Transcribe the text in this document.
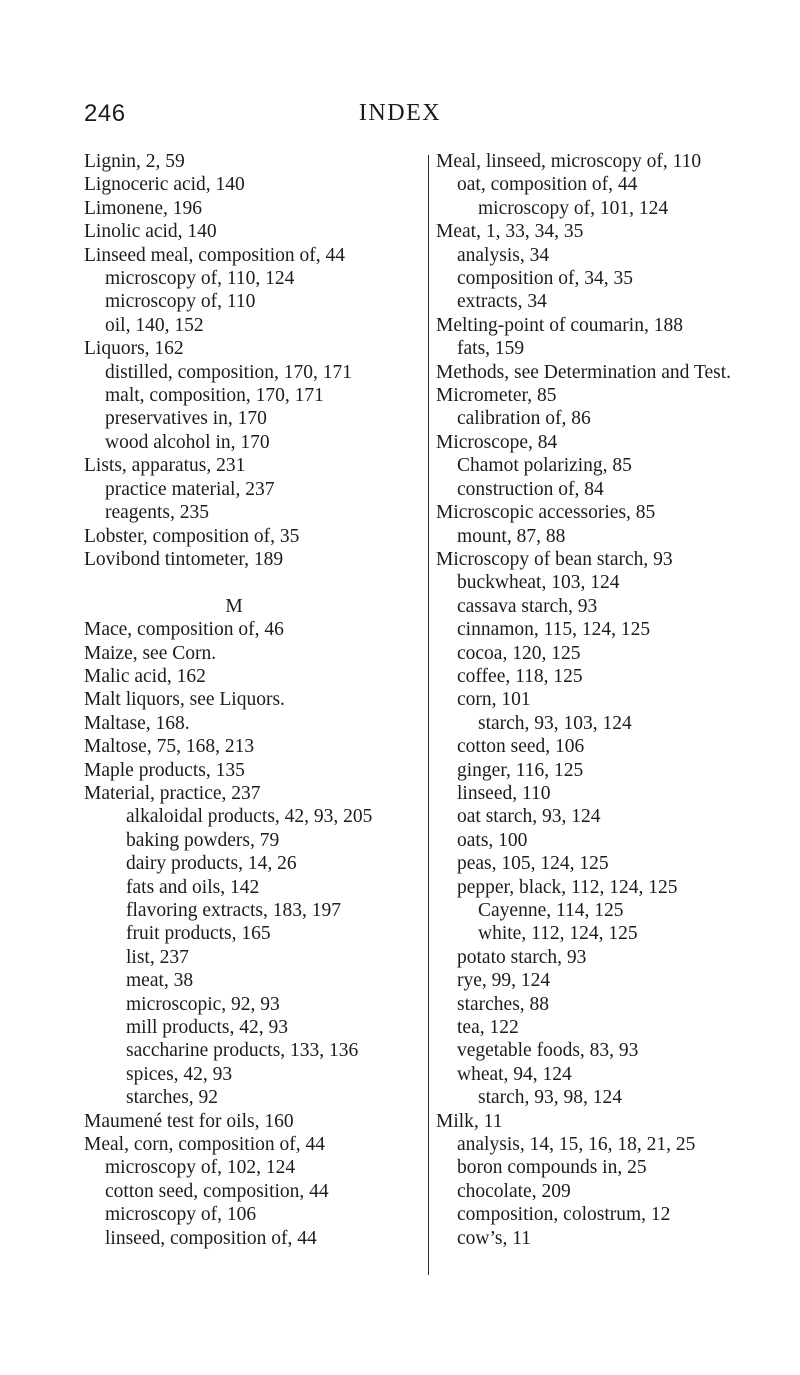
246	INDEX
Lignin, 2, 59
Lignoceric acid, 140
Limonene, 196
Linolic acid, 140
Linseed meal, composition of, 44
microscopy of, 110, 124
microscopy of, 110
oil, 140, 152
Liquors, 162
distilled, composition, 170, 171
malt, composition, 170, 171
preservatives in, 170
wood alcohol in, 170
Lists, apparatus, 231
practice material, 237
reagents, 235
Lobster, composition of, 35
Lovibond tintometer, 189
M
Mace, composition of, 46
Maize, see Corn.
Malic acid, 162
Malt liquors, see Liquors.
Maltase, 168.
Maltose, 75, 168, 213
Maple products, 135
Material, practice, 237
alkaloidal products, 42, 93, 205
baking powders, 79
dairy products, 14, 26
fats and oils, 142
flavoring extracts, 183, 197
fruit products, 165
list, 237
meat, 38
microscopic, 92, 93
mill products, 42, 93
saccharine products, 133, 136
spices, 42, 93
starches, 92
Maumené test for oils, 160
Meal, corn, composition of, 44
microscopy of, 102, 124
cotton seed, composition, 44
microscopy of, 106
linseed, composition of, 44
Meal, linseed, microscopy of, 110
oat, composition of, 44
microscopy of, 101, 124
Meat, 1, 33, 34, 35
analysis, 34
composition of, 34, 35
extracts, 34
Melting-point of coumarin, 188
fats, 159
Methods, see Determination and Test.
Micrometer, 85
calibration of, 86
Microscope, 84
Chamot polarizing, 85
construction of, 84
Microscopic accessories, 85
mount, 87, 88
Microscopy of bean starch, 93
buckwheat, 103, 124
cassava starch, 93
cinnamon, 115, 124, 125
cocoa, 120, 125
coffee, 118, 125
corn, 101
starch, 93, 103, 124
cotton seed, 106
ginger, 116, 125
linseed, 110
oat starch, 93, 124
oats, 100
peas, 105, 124, 125
pepper, black, 112, 124, 125
Cayenne, 114, 125
white, 112, 124, 125
potato starch, 93
rye, 99, 124
starches, 88
tea, 122
vegetable foods, 83, 93
wheat, 94, 124
starch, 93, 98, 124
Milk, 11
analysis, 14, 15, 16, 18, 21, 25
boron compounds in, 25
chocolate, 209
composition, colostrum, 12
cow’s, 11
